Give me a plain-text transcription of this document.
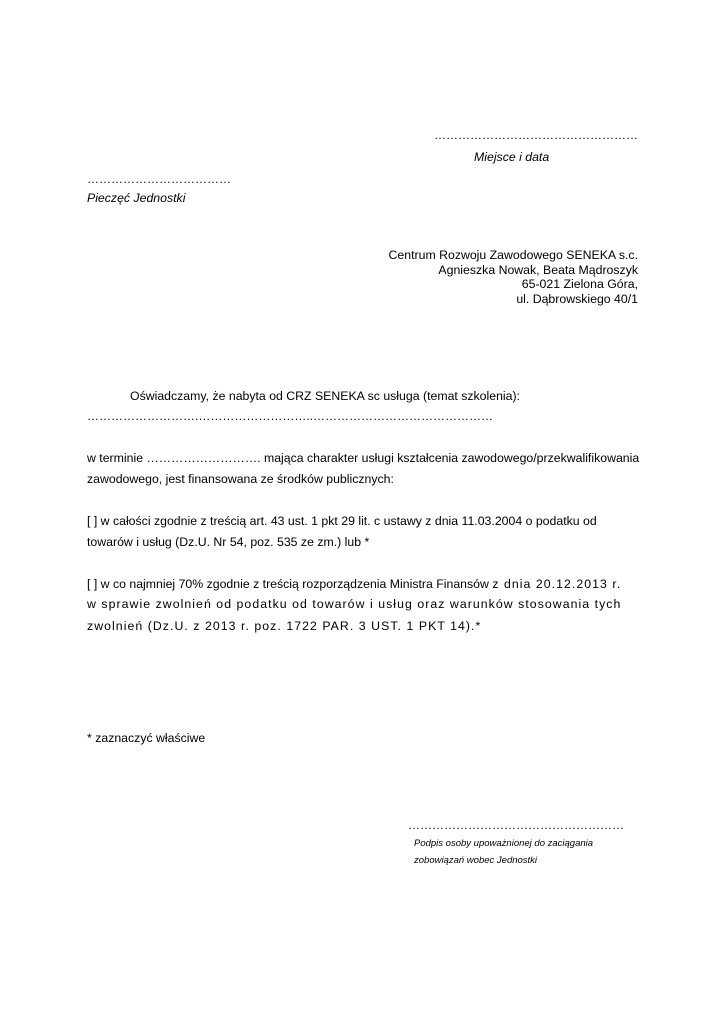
……………………………………………
Miejsce i data
………………………………
Pieczęć Jednostki
Centrum Rozwoju Zawodowego SENEKA s.c.
Agnieszka Nowak, Beata Mądroszyk
65-021 Zielona Góra,
ul. Dąbrowskiego 40/1
Oświadczamy, że nabyta od CRZ SENEKA sc usługa (temat szkolenia):
……………………….………………………..………………………………………
w terminie ………………………. mająca charakter usługi kształcenia zawodowego/przekwalifikowania
zawodowego, jest finansowana ze środków publicznych:
[ ] w całości zgodnie z treścią art. 43 ust. 1 pkt 29 lit. c ustawy z dnia 11.03.2004 o podatku od
towarów i usług (Dz.U. Nr 54, poz. 535 ze zm.) lub *
[ ] w co najmniej 70% zgodnie z treścią rozporządzenia Ministra Finansów z dnia 20.12.2013 r.
w sprawie zwolnień od podatku od towarów i usług oraz warunków stosowania tych
zwolnień (Dz.U. z 2013 r. poz. 1722 PAR. 3 UST. 1 PKT 14).*
* zaznaczyć właściwe
………………………………………………
Podpis osoby upoważnionej do zaciągania
zobowiązań wobec Jednostki
